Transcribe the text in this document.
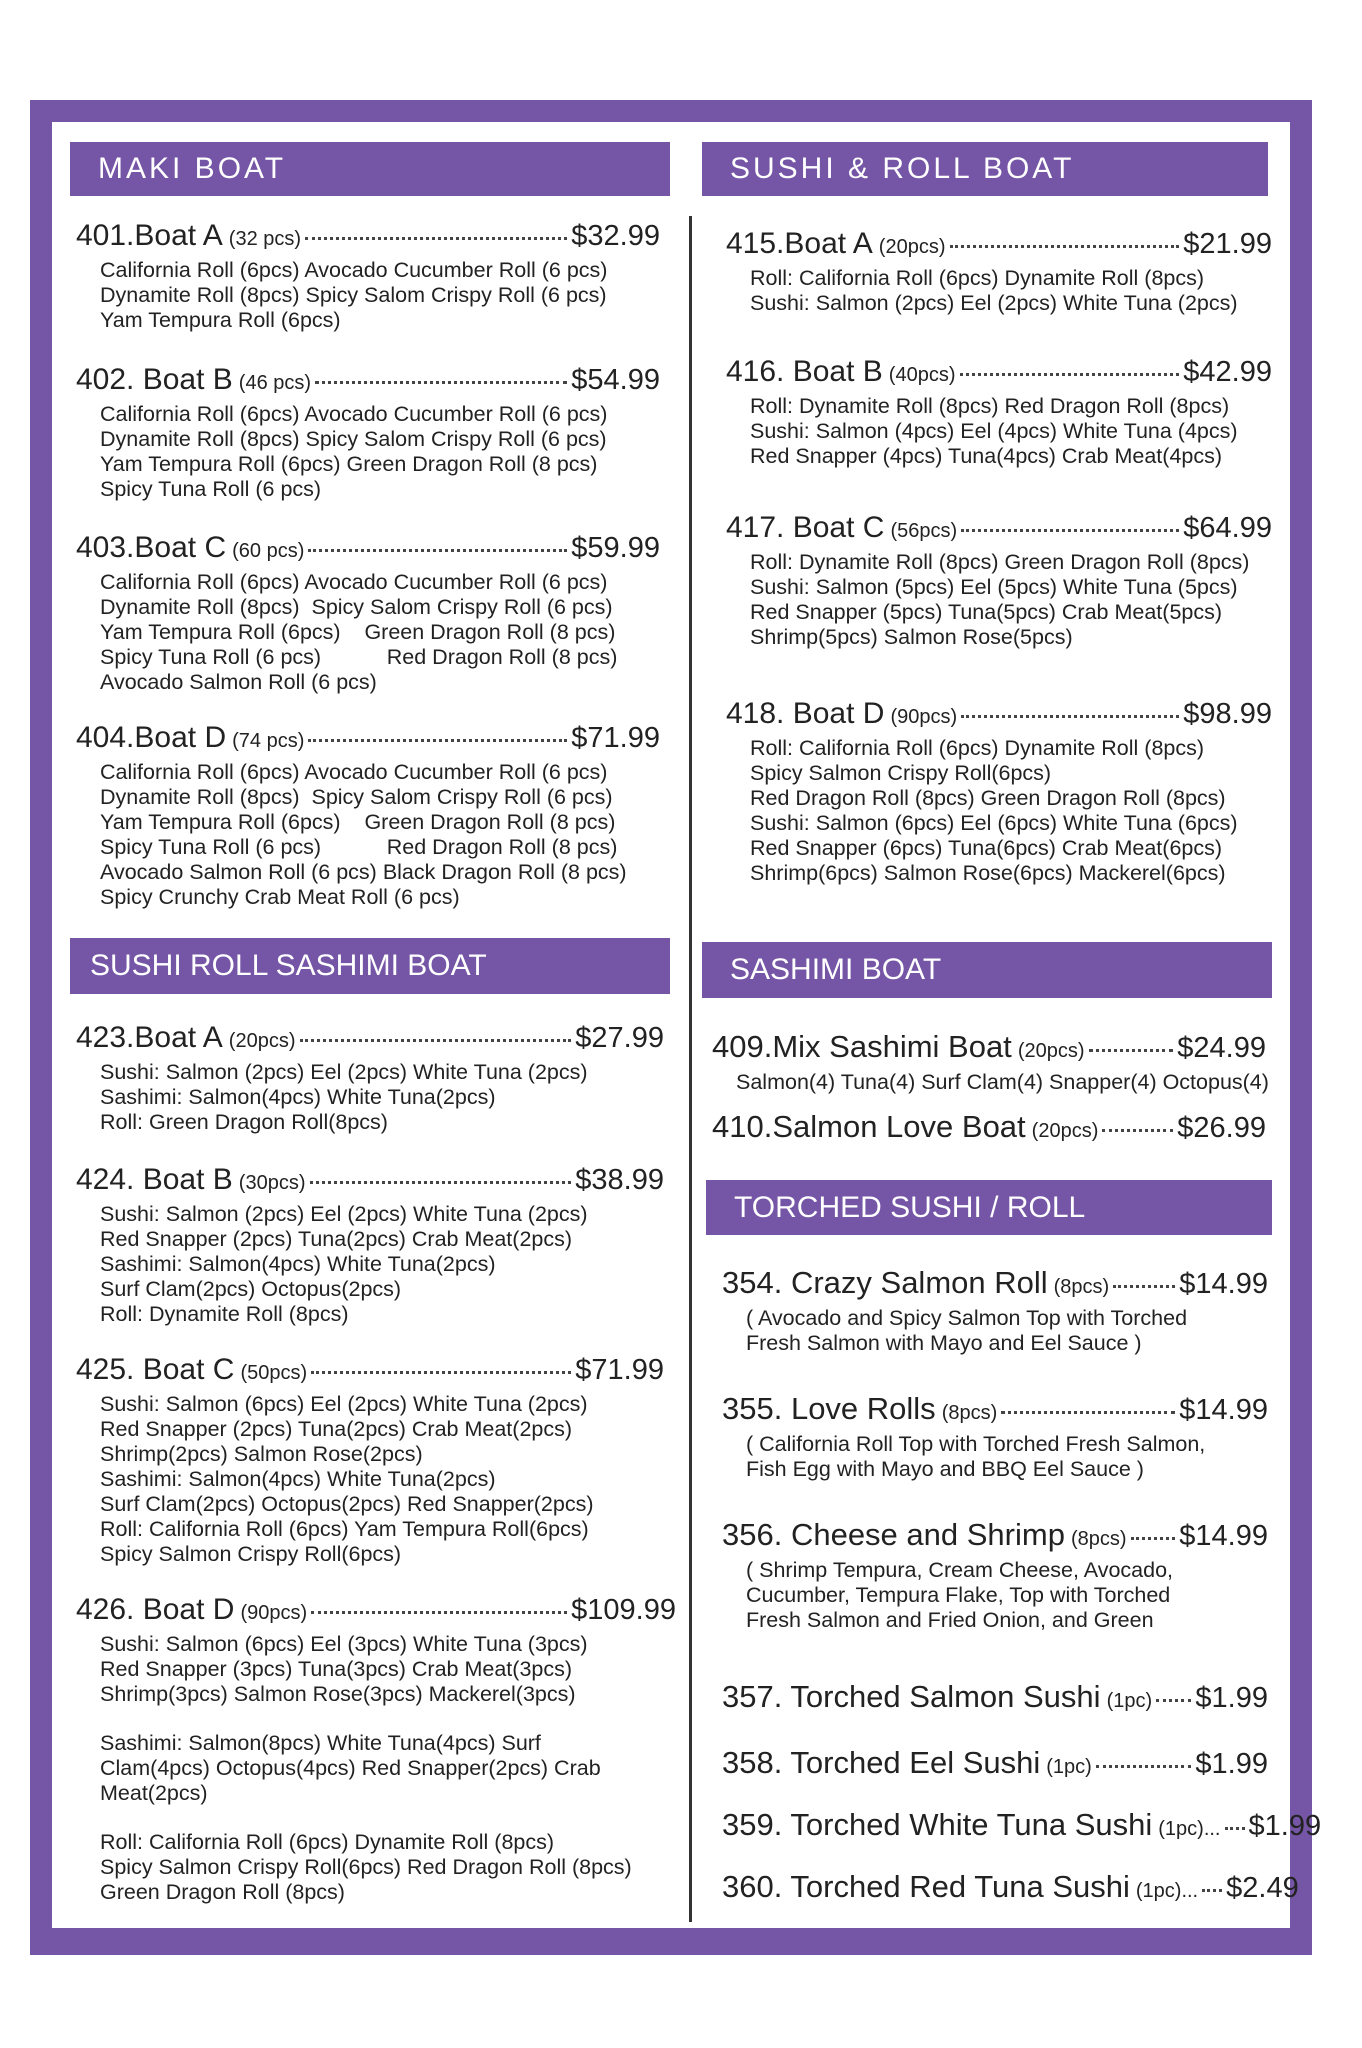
MAKI BOAT	SUSHI & ROLL BOAT
SUSHI ROLL SASHIMI BOAT	SASHIMI BOAT
TORCHED SUSHI / ROLL
401.Boat A (32 pcs)	$32.99
California Roll (6pcs) Avocado Cucumber Roll (6 pcs)
Dynamite Roll (8pcs) Spicy Salom Crispy Roll (6 pcs)
Yam Tempura Roll (6pcs)
402. Boat B (46 pcs)	$54.99
California Roll (6pcs) Avocado Cucumber Roll (6 pcs)
Dynamite Roll (8pcs) Spicy Salom Crispy Roll (6 pcs)
Yam Tempura Roll (6pcs) Green Dragon Roll (8 pcs)
Spicy Tuna Roll (6 pcs)
403.Boat C (60 pcs)	$59.99
California Roll (6pcs) Avocado Cucumber Roll (6 pcs)
Dynamite Roll (8pcs)  Spicy Salom Crispy Roll (6 pcs)
Yam Tempura Roll (6pcs)    Green Dragon Roll (8 pcs)
Spicy Tuna Roll (6 pcs)           Red Dragon Roll (8 pcs)
Avocado Salmon Roll (6 pcs)
404.Boat D (74 pcs)	$71.99
California Roll (6pcs) Avocado Cucumber Roll (6 pcs)
Dynamite Roll (8pcs)  Spicy Salom Crispy Roll (6 pcs)
Yam Tempura Roll (6pcs)    Green Dragon Roll (8 pcs)
Spicy Tuna Roll (6 pcs)           Red Dragon Roll (8 pcs)
Avocado Salmon Roll (6 pcs) Black Dragon Roll (8 pcs)
Spicy Crunchy Crab Meat Roll (6 pcs)
423.Boat A (20pcs)	$27.99
Sushi: Salmon (2pcs) Eel (2pcs) White Tuna (2pcs)
Sashimi: Salmon(4pcs) White Tuna(2pcs)
Roll: Green Dragon Roll(8pcs)
424. Boat B (30pcs)	$38.99
Sushi: Salmon (2pcs) Eel (2pcs) White Tuna (2pcs)
Red Snapper (2pcs) Tuna(2pcs) Crab Meat(2pcs)
Sashimi: Salmon(4pcs) White Tuna(2pcs)
Surf Clam(2pcs) Octopus(2pcs)
Roll: Dynamite Roll (8pcs)
425. Boat C (50pcs)	$71.99
Sushi: Salmon (6pcs) Eel (2pcs) White Tuna (2pcs)
Red Snapper (2pcs) Tuna(2pcs) Crab Meat(2pcs)
Shrimp(2pcs) Salmon Rose(2pcs)
Sashimi: Salmon(4pcs) White Tuna(2pcs)
Surf Clam(2pcs) Octopus(2pcs) Red Snapper(2pcs)
Roll: California Roll (6pcs) Yam Tempura Roll(6pcs)
Spicy Salmon Crispy Roll(6pcs)
426. Boat D (90pcs)	$109.99
Sushi: Salmon (6pcs) Eel (3pcs) White Tuna (3pcs)
Red Snapper (3pcs) Tuna(3pcs) Crab Meat(3pcs)
Shrimp(3pcs) Salmon Rose(3pcs) Mackerel(3pcs)
Sashimi: Salmon(8pcs) White Tuna(4pcs) Surf
Clam(4pcs) Octopus(4pcs) Red Snapper(2pcs) Crab
Meat(2pcs)
Roll: California Roll (6pcs) Dynamite Roll (8pcs)
Spicy Salmon Crispy Roll(6pcs) Red Dragon Roll (8pcs)
Green Dragon Roll (8pcs)
415.Boat A (20pcs)	$21.99
Roll: California Roll (6pcs) Dynamite Roll (8pcs)
Sushi: Salmon (2pcs) Eel (2pcs) White Tuna (2pcs)
416. Boat B (40pcs)	$42.99
Roll: Dynamite Roll (8pcs) Red Dragon Roll (8pcs)
Sushi: Salmon (4pcs) Eel (4pcs) White Tuna (4pcs)
Red Snapper (4pcs) Tuna(4pcs) Crab Meat(4pcs)
417. Boat C (56pcs)	$64.99
Roll: Dynamite Roll (8pcs) Green Dragon Roll (8pcs)
Sushi: Salmon (5pcs) Eel (5pcs) White Tuna (5pcs)
Red Snapper (5pcs) Tuna(5pcs) Crab Meat(5pcs)
Shrimp(5pcs) Salmon Rose(5pcs)
418. Boat D (90pcs)	$98.99
Roll: California Roll (6pcs) Dynamite Roll (8pcs)
Spicy Salmon Crispy Roll(6pcs)
Red Dragon Roll (8pcs) Green Dragon Roll (8pcs)
Sushi: Salmon (6pcs) Eel (6pcs) White Tuna (6pcs)
Red Snapper (6pcs) Tuna(6pcs) Crab Meat(6pcs)
Shrimp(6pcs) Salmon Rose(6pcs) Mackerel(6pcs)
409.Mix Sashimi Boat (20pcs)	$24.99
Salmon(4) Tuna(4) Surf Clam(4) Snapper(4) Octopus(4)
410.Salmon Love Boat (20pcs)	$26.99
354. Crazy Salmon Roll (8pcs) $14.99
( Avocado and Spicy Salmon Top with Torched
Fresh Salmon with Mayo and Eel Sauce )
355. Love Rolls (8pcs)	$14.99
( California Roll Top with Torched Fresh Salmon,
Fish Egg with Mayo and BBQ Eel Sauce )
356. Cheese and Shrimp (8pcs) $14.99
( Shrimp Tempura, Cream Cheese, Avocado,
Cucumber, Tempura Flake, Top with Torched
Fresh Salmon and Fried Onion, and Green
357. Torched Salmon Sushi (1pc) $1.99
358. Torched Eel Sushi (1pc)	$1.99
359. Torched White Tuna Sushi (1pc)... $1.99
360. Torched Red Tuna Sushi (1pc)... $2.49
